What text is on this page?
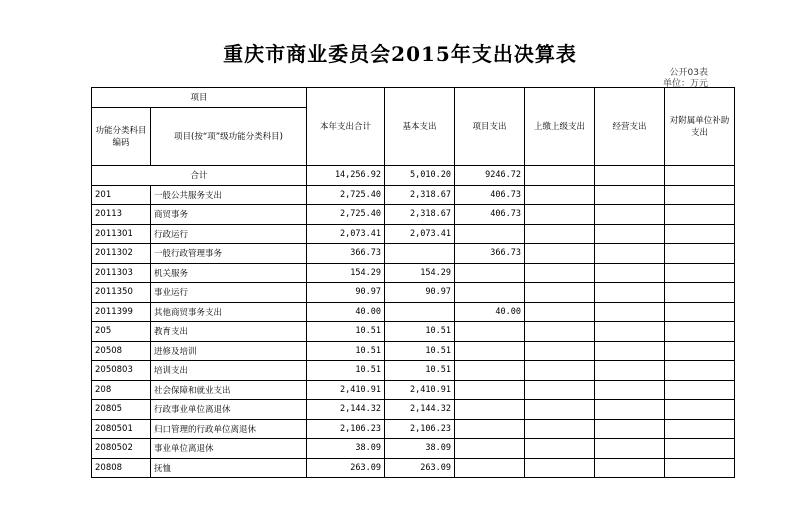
重庆市商业委员会2015年支出决算表
公开03表
单位：万元
项目		本年支出合计	基本支出	项目支出	上缴上级支出	经营支出	对附属单位补助支出
功能分类科目编码	项目(按“项”级功能分类科目)						
合计		14,256.92	5,010.20	9246.72			
201	一般公共服务支出	2,725.40	2,318.67	406.73			
20113	商贸事务	2,725.40	2,318.67	406.73			
2011301	行政运行	2,073.41	2,073.41				
2011302	一般行政管理事务	366.73		366.73			
2011303	机关服务	154.29	154.29				
2011350	事业运行	90.97	90.97				
2011399	其他商贸事务支出	40.00		40.00			
205	教育支出	10.51	10.51				
20508	进修及培训	10.51	10.51				
2050803	培训支出	10.51	10.51				
208	社会保障和就业支出	2,410.91	2,410.91				
20805	行政事业单位离退休	2,144.32	2,144.32				
2080501	归口管理的行政单位离退休	2,106.23	2,106.23				
2080502	事业单位离退休	38.09	38.09				
20808	抚恤	263.09	263.09				
